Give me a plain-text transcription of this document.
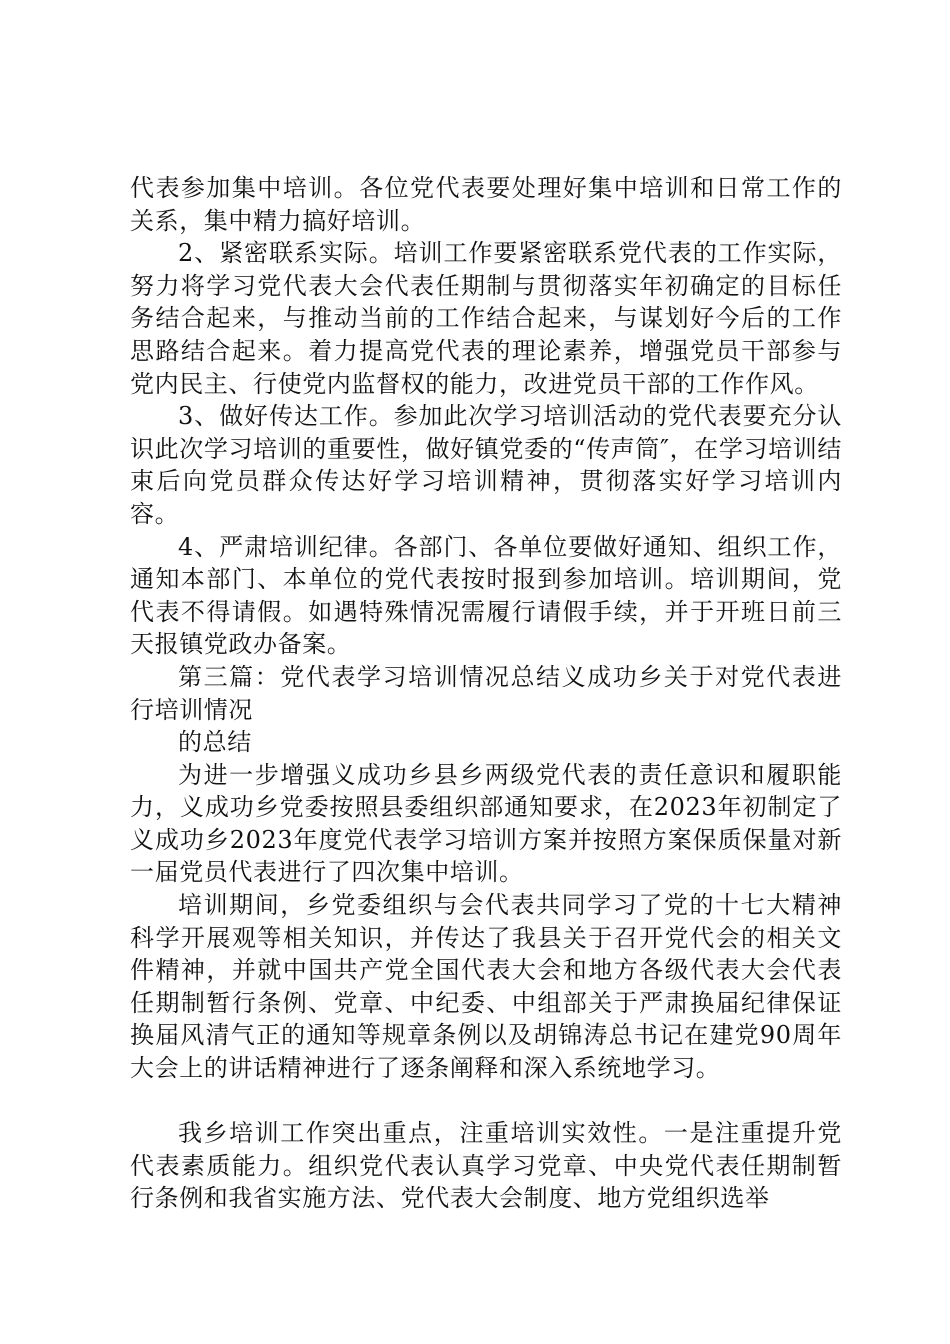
代表参加集中培训。各位党代表要处理好集中培训和日常工作的关系，集中精力搞好培训。

2、紧密联系实际。培训工作要紧密联系党代表的工作实际，努力将学习党代表大会代表任期制与贯彻落实年初确定的目标任务结合起来，与推动当前的工作结合起来，与谋划好今后的工作思路结合起来。着力提高党代表的理论素养，增强党员干部参与党内民主、行使党内监督权的能力，改进党员干部的工作作风。

3、做好传达工作。参加此次学习培训活动的党代表要充分认识此次学习培训的重要性，做好镇党委的“传声筒″，在学习培训结束后向党员群众传达好学习培训精神，贯彻落实好学习培训内容。

4、严肃培训纪律。各部门、各单位要做好通知、组织工作，通知本部门、本单位的党代表按时报到参加培训。培训期间，党代表不得请假。如遇特殊情况需履行请假手续，并于开班日前三天报镇党政办备案。

第三篇：党代表学习培训情况总结义成功乡关于对党代表进行培训情况

的总结

为进一步增强义成功乡县乡两级党代表的责任意识和履职能力，义成功乡党委按照县委组织部通知要求，在2023年初制定了义成功乡2023年度党代表学习培训方案并按照方案保质保量对新一届党员代表进行了四次集中培训。

培训期间，乡党委组织与会代表共同学习了党的十七大精神科学开展观等相关知识，并传达了我县关于召开党代会的相关文件精神，并就中国共产党全国代表大会和地方各级代表大会代表任期制暂行条例、党章、中纪委、中组部关于严肃换届纪律保证换届风清气正的通知等规章条例以及胡锦涛总书记在建党90周年大会上的讲话精神进行了逐条阐释和深入系统地学习。

我乡培训工作突出重点，注重培训实效性。一是注重提升党代表素质能力。组织党代表认真学习党章、中央党代表任期制暂行条例和我省实施方法、党代表大会制度、地方党组织选举
